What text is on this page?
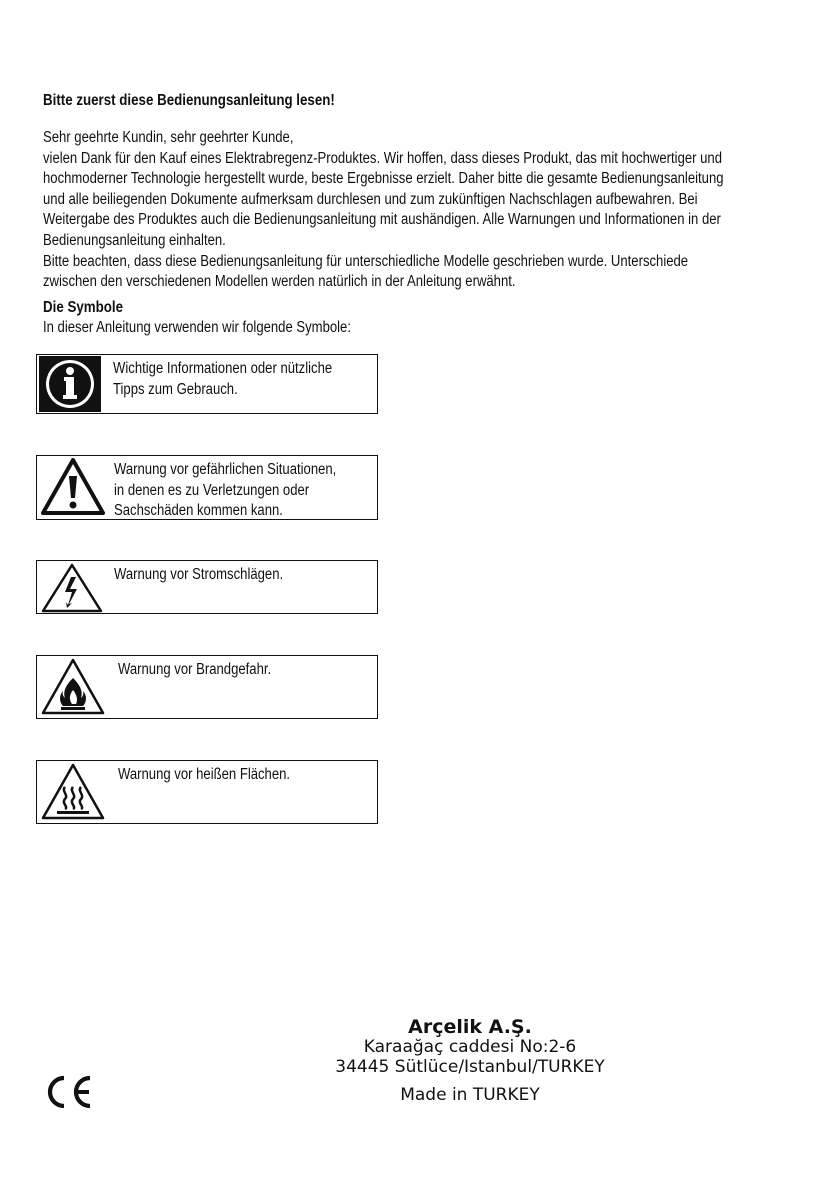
Bitte zuerst diese Bedienungsanleitung lesen!

Sehr geehrte Kundin, sehr geehrter Kunde,

vielen Dank für den Kauf eines Elektrabregenz-Produktes. Wir hoffen, dass dieses Produkt, das mit hochwertiger und

hochmoderner Technologie hergestellt wurde, beste Ergebnisse erzielt. Daher bitte die gesamte Bedienungsanleitung

und alle beiliegenden Dokumente aufmerksam durchlesen und zum zukünftigen Nachschlagen aufbewahren. Bei

Weitergabe des Produktes auch die Bedienungsanleitung mit aushändigen. Alle Warnungen und Informationen in der

Bedienungsanleitung einhalten.

Bitte beachten, dass diese Bedienungsanleitung für unterschiedliche Modelle geschrieben wurde. Unterschiede

zwischen den verschiedenen Modellen werden natürlich in der Anleitung erwähnt.

Die Symbole
In dieser Anleitung verwenden wir folgende Symbole:

Wichtige Informationen oder nützliche

Tipps zum Gebrauch.

Warnung vor gefährlichen Situationen,

in denen es zu Verletzungen oder

Sachschäden kommen kann.

Warnung vor Stromschlägen.

Warnung vor Brandgefahr.

Warnung vor heißen Flächen.

Arçelik A.Ş.
Karaağaç caddesi No:2-6
34445 Sütlüce/Istanbul/TURKEY
Made in TURKEY
